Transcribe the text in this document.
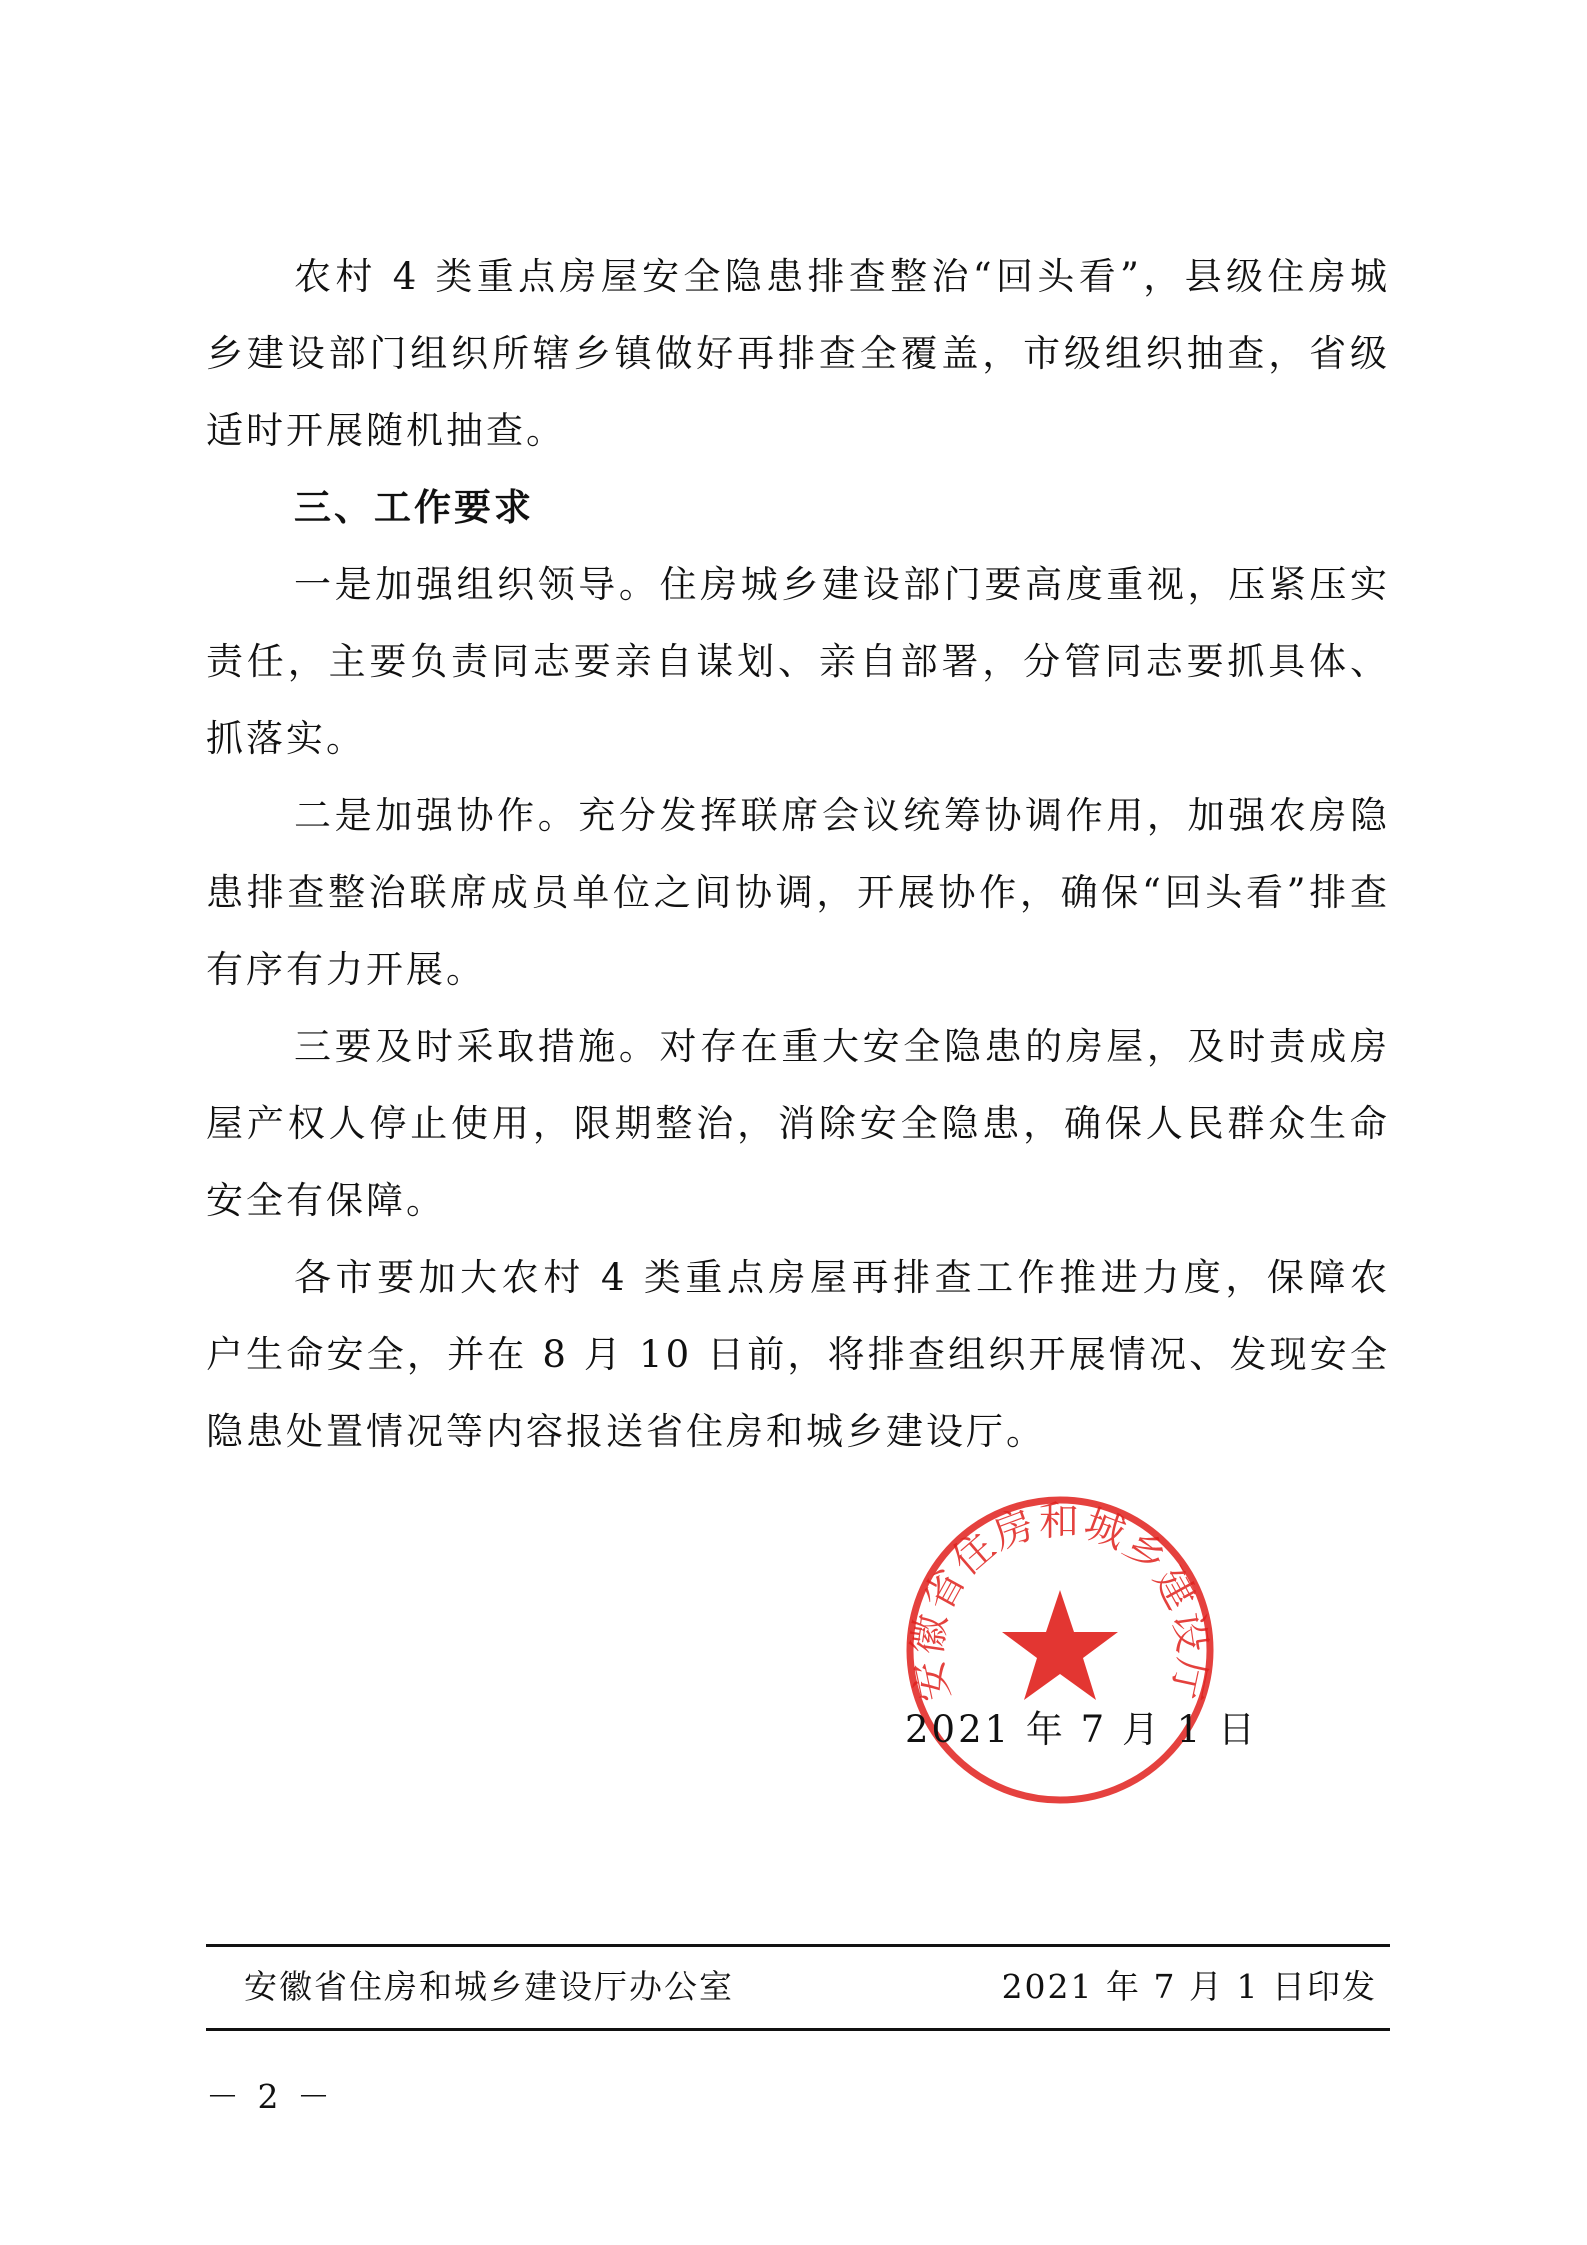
农村 4 类重点房屋安全隐患排查整治“回头看”，县级住房城乡建设部门组织所辖乡镇做好再排查全覆盖，市级组织抽查，省级适时开展随机抽查。

三、工作要求

一是加强组织领导。住房城乡建设部门要高度重视，压紧压实责任，主要负责同志要亲自谋划、亲自部署，分管同志要抓具体、抓落实。

二是加强协作。充分发挥联席会议统筹协调作用，加强农房隐患排查整治联席成员单位之间协调，开展协作，确保“回头看”排查有序有力开展。

三要及时采取措施。对存在重大安全隐患的房屋，及时责成房屋产权人停止使用，限期整治，消除安全隐患，确保人民群众生命安全有保障。

各市要加大农村 4 类重点房屋再排查工作推进力度，保障农户生命安全，并在 8 月 10 日前，将排查组织开展情况、发现安全隐患处置情况等内容报送省住房和城乡建设厅。

安徽省住房和城乡建设厅
2021 年 7 月 1 日
安徽省住房和城乡建设厅办公室	2021 年 7 月 1 日印发
－ 2 －
